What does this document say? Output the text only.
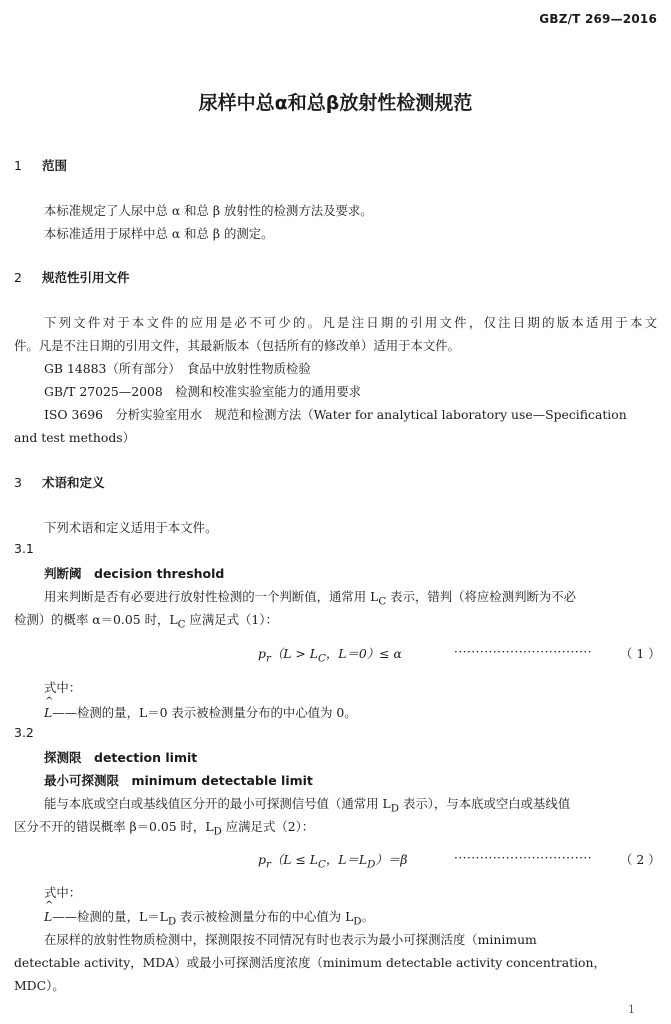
GBZ/T 269—2016
尿样中总α和总β放射性检测规范
1 范围
本标准规定了人尿中总 α 和总 β 放射性的检测方法及要求。
本标准适用于尿样中总 α 和总 β 的测定。
2 规范性引用文件
下列文件对于本文件的应用是必不可少的。凡是注日期的引用文件，仅注日期的版本适用于本文
件。凡是不注日期的引用文件，其最新版本（包括所有的修改单）适用于本文件。
GB 14883（所有部分）　食品中放射性物质检验
GB/T 27025—2008　检测和校准实验室能力的通用要求
ISO 3696　分析实验室用水　规范和检测方法（Water for analytical laboratory use—Specification
and test methods）
3 术语和定义
下列术语和定义适用于本文件。
3.1
判断阈　decision threshold
用来判断是否有必要进行放射性检测的一个判断值，通常用 $L_C$ 表示，错判（将应检测判断为不必
检测）的概率 α＝0.05 时，$L_C$ 应满足式（1）：
$p_r(L > L_C$，L＝0）≤ α	································ （ 1 ）
式中：
^ L——检测的量，L＝0 表示被检测量分布的中心值为 0。
3.2
探测限　detection limit
最小可探测限　minimum detectable limit
能与本底或空白或基线值区分开的最小可探测信号值（通常用 $L_D$ 表示），与本底或空白或基线值
区分不开的错误概率 β＝0.05 时，$L_D$ 应满足式（2）：
$p_r(L \le L_C$，$L=L_D)=\beta$	································ （ 2 ）
式中：
^ L——检测的量，$L=L_D$ 表示被检测量分布的中心值为 $L_D$。
在尿样的放射性物质检测中，探测限按不同情况有时也表示为最小可探测活度（minimum
detectable activity，MDA）或最小可探测活度浓度（minimum detectable activity concentration，
MDC）。
1
